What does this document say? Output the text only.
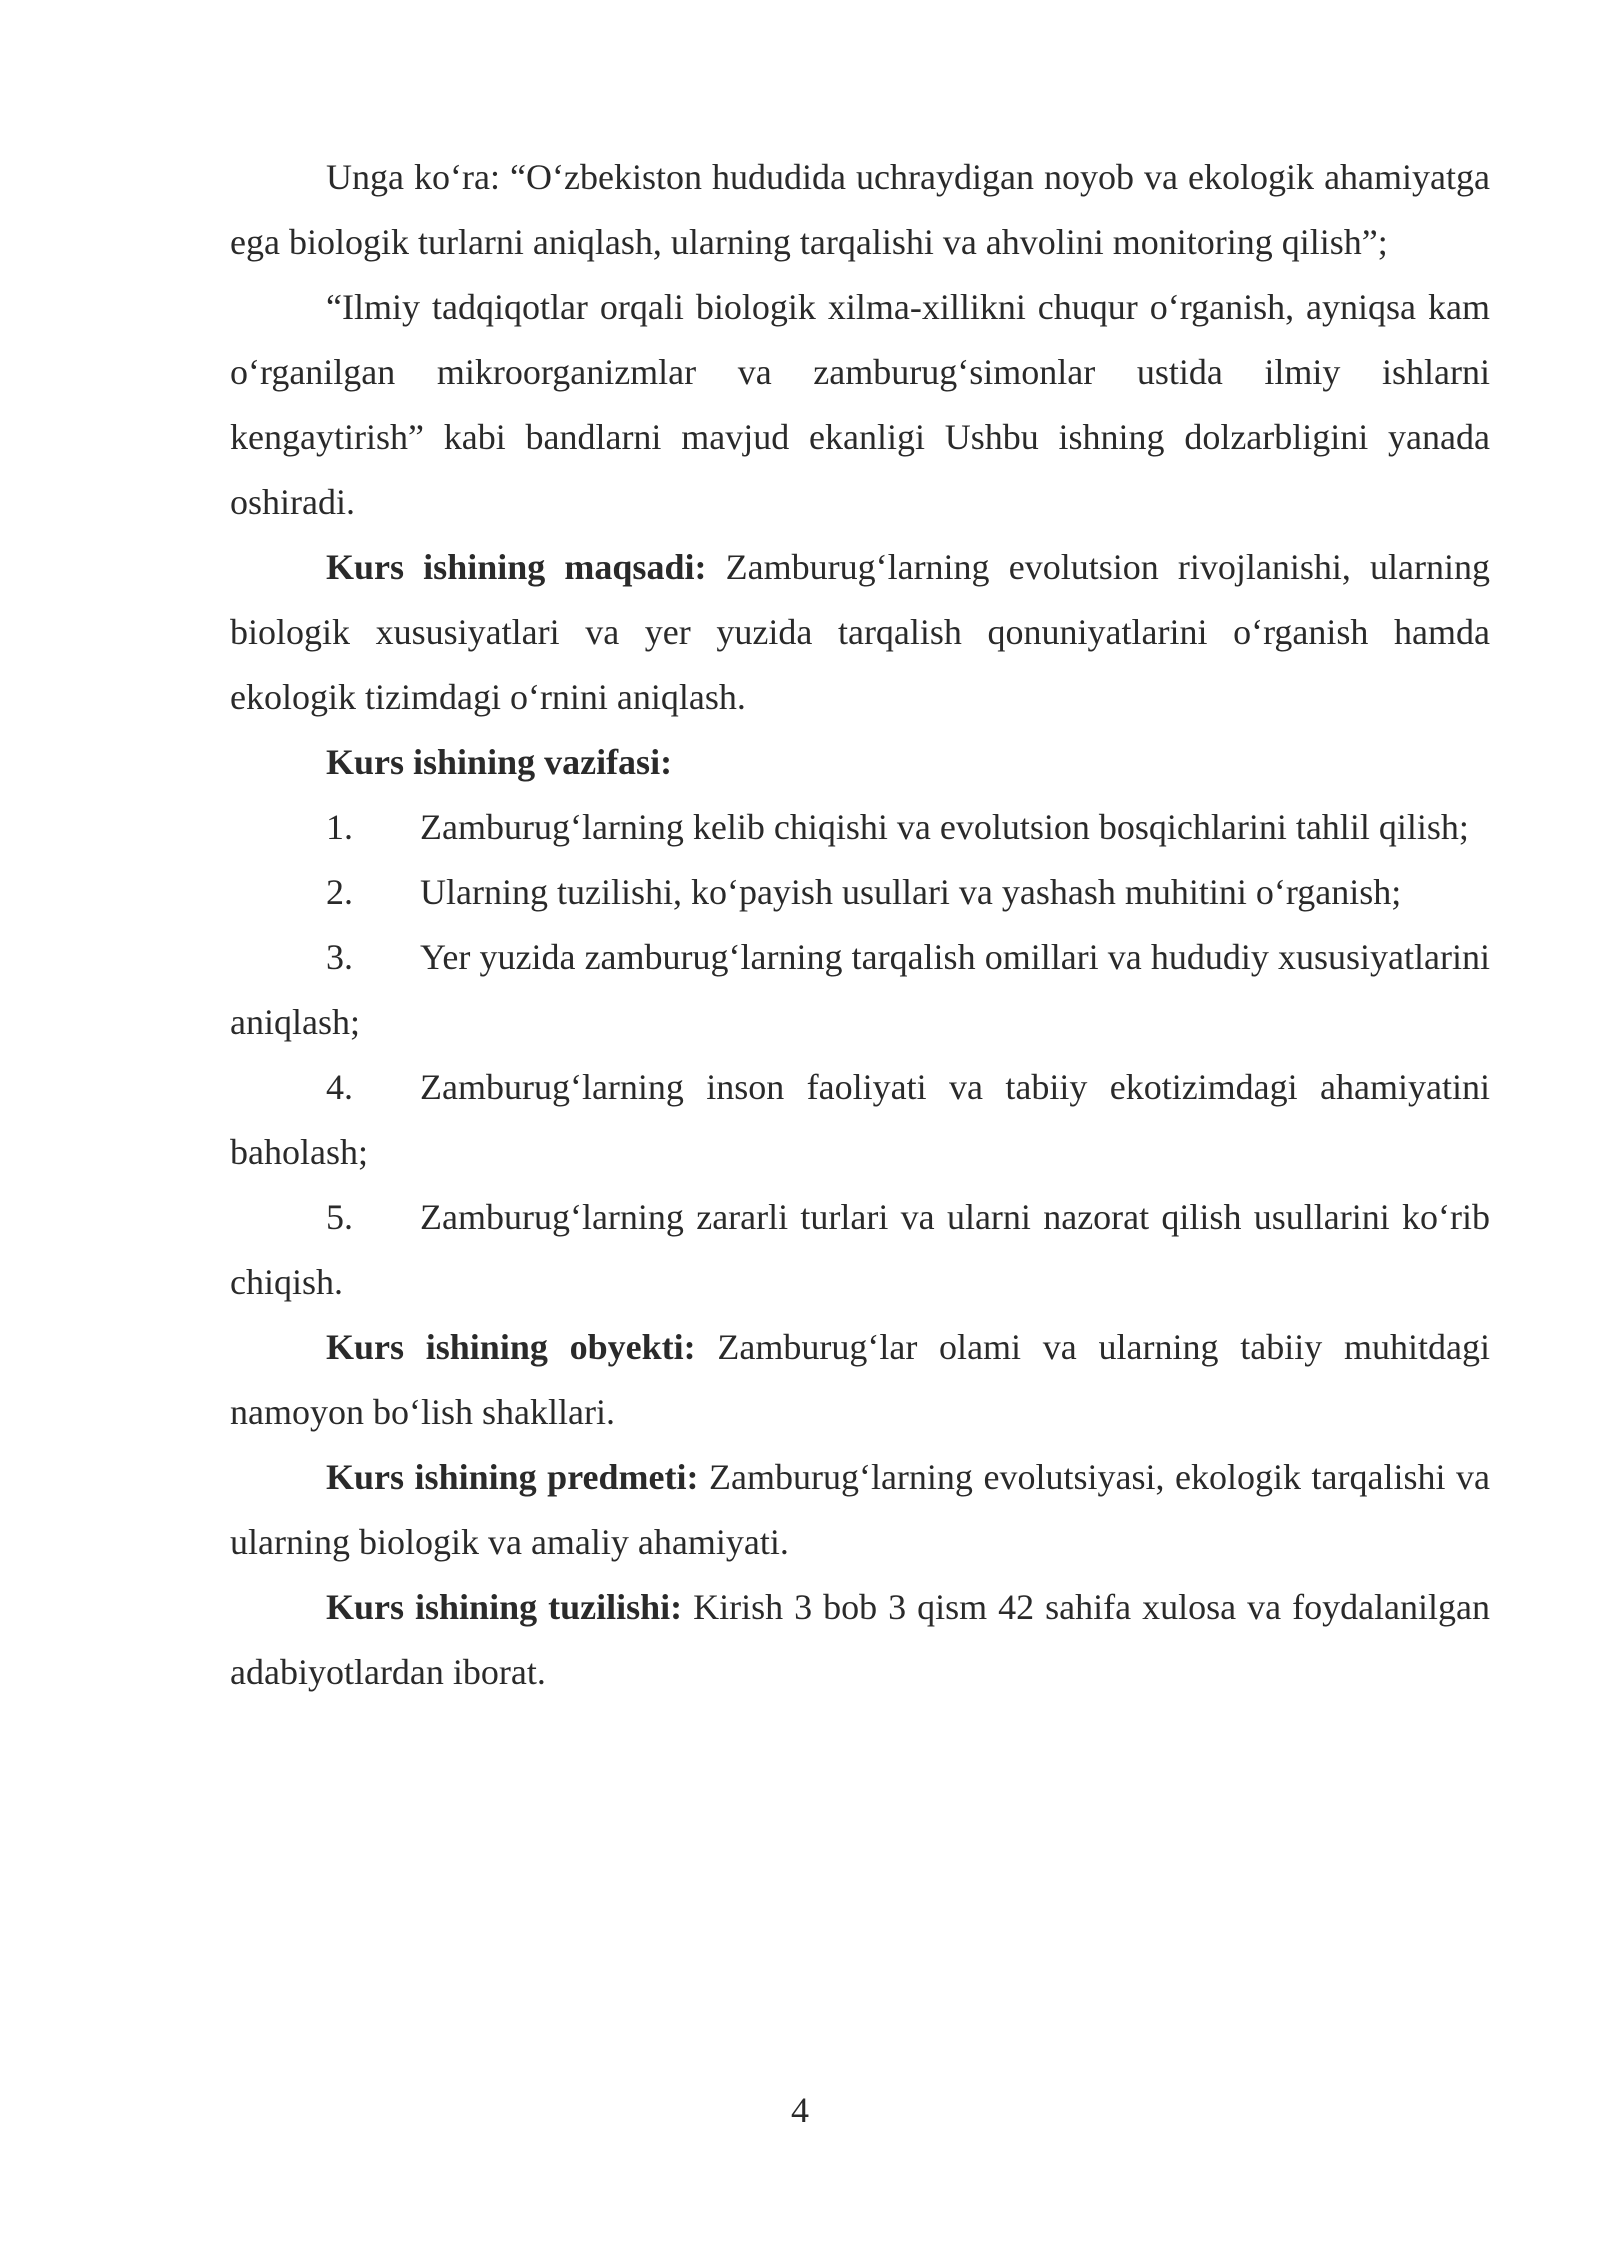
Unga ko‘ra: “O‘zbekiston hududida uchraydigan noyob va ekologik ahamiyatga ega biologik turlarni aniqlash, ularning tarqalishi va ahvolini monitoring qilish”;

“Ilmiy tadqiqotlar orqali biologik xilma-xillikni chuqur o‘rganish, ayniqsa kam o‘rganilgan mikroorganizmlar va zamburug‘simonlar ustida ilmiy ishlarni kengaytirish” kabi bandlarni mavjud ekanligi Ushbu ishning dolzarbligini yanada oshiradi.

Kurs ishining maqsadi: Zamburug‘larning evolutsion rivojlanishi, ularning biologik xususiyatlari va yer yuzida tarqalish qonuniyatlarini o‘rganish hamda ekologik tizimdagi o‘rnini aniqlash.

Kurs ishining vazifasi:

1. Zamburug‘larning kelib chiqishi va evolutsion bosqichlarini tahlil qilish;

2. Ularning tuzilishi, ko‘payish usullari va yashash muhitini o‘rganish;

3. Yer yuzida zamburug‘larning tarqalish omillari va hududiy xususiyatlarini aniqlash;

4. Zamburug‘larning inson faoliyati va tabiiy ekotizimdagi ahamiyatini baholash;

5. Zamburug‘larning zararli turlari va ularni nazorat qilish usullarini ko‘rib chiqish.

Kurs ishining obyekti: Zamburug‘lar olami va ularning tabiiy muhitdagi namoyon bo‘lish shakllari.

Kurs ishining predmeti: Zamburug‘larning evolutsiyasi, ekologik tarqalishi va ularning biologik va amaliy ahamiyati.

Kurs ishining tuzilishi: Kirish 3 bob 3 qism 42 sahifa xulosa va foydalanilgan adabiyotlardan iborat.

4
